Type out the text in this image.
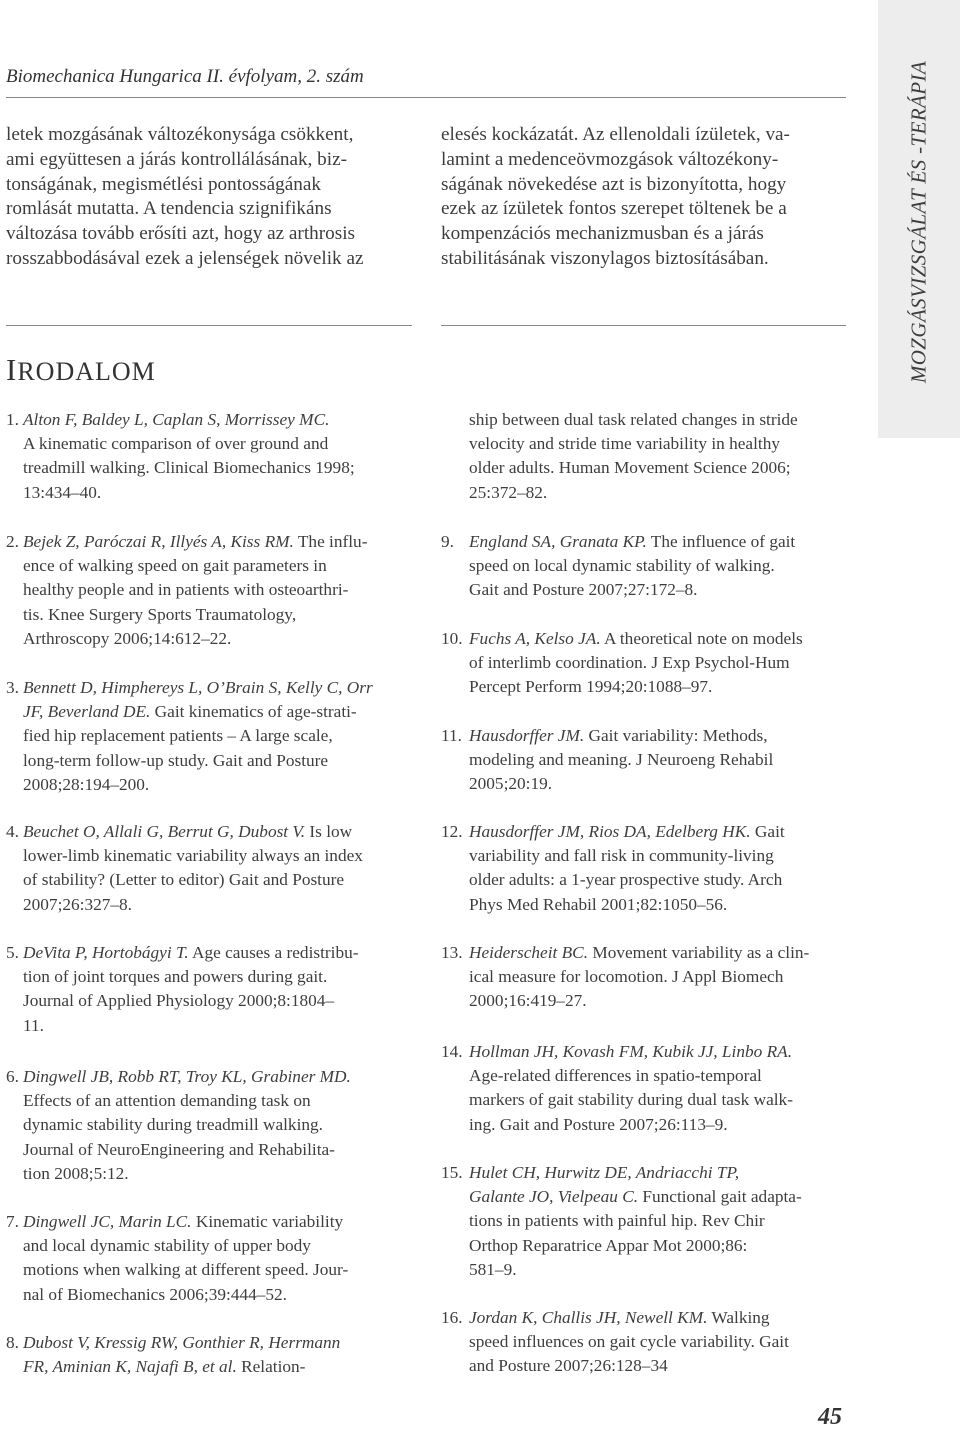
Biomechanica Hungarica II. évfolyam, 2. szám	MOZGÁSVIZSGÁLAT ÉS -TERÁPIA
letek mozgásának változékonysága csökkent,
ami együttesen a járás kontrollálásának, biz-
tonságának, megismétlési pontosságának
romlását mutatta. A tendencia szignifikáns
változása tovább erősíti azt, hogy az arthrosis
rosszabbodásával ezek a jelenségek növelik az
elesés kockázatát. Az ellenoldali ízületek, va-
lamint a medenceövmozgások változékony-
ságának növekedése azt is bizonyította, hogy
ezek az ízületek fontos szerepet töltenek be a
kompenzációs mechanizmusban és a járás
stabilitásának viszonylagos biztosításában.
IRODALOM
ship between dual task related changes in stride
velocity and stride time variability in healthy
older adults. Human Movement Science 2006;
25:372–82.
45
1. Alton F, Baldey L, Caplan S, Morrissey MC.
A kinematic comparison of over ground and
treadmill walking. Clinical Biomechanics 1998;
13:434–40.
2. Bejek Z, Paróczai R, Illyés A, Kiss RM. The influ-
ence of walking speed on gait parameters in
healthy people and in patients with osteoarthri-
tis. Knee Surgery Sports Traumatology,
Arthroscopy 2006;14:612–22.
3. Bennett D, Himphereys L, O’Brain S, Kelly C, Orr
JF, Beverland DE. Gait kinematics of age-strati-
fied hip replacement patients – A large scale,
long-term follow-up study. Gait and Posture
2008;28:194–200.
4. Beuchet O, Allali G, Berrut G, Dubost V. Is low
lower-limb kinematic variability always an index
of stability? (Letter to editor) Gait and Posture
2007;26:327–8.
5. DeVita P, Hortobágyi T. Age causes a redistribu-
tion of joint torques and powers during gait.
Journal of Applied Physiology 2000;8:1804–
11.
6. Dingwell JB, Robb RT, Troy KL, Grabiner MD.
Effects of an attention demanding task on
dynamic stability during treadmill walking.
Journal of NeuroEngineering and Rehabilita-
tion 2008;5:12.
7. Dingwell JC, Marin LC. Kinematic variability
and local dynamic stability of upper body
motions when walking at different speed. Jour-
nal of Biomechanics 2006;39:444–52.
8. Dubost V, Kressig RW, Gonthier R, Herrmann
FR, Aminian K, Najafi B, et al. Relation-
9. England SA, Granata KP. The influence of gait
speed on local dynamic stability of walking.
Gait and Posture 2007;27:172–8.
10. Fuchs A, Kelso JA. A theoretical note on models
of interlimb coordination. J Exp Psychol-Hum
Percept Perform 1994;20:1088–97.
11. Hausdorffer JM. Gait variability: Methods,
modeling and meaning. J Neuroeng Rehabil
2005;20:19.
12. Hausdorffer JM, Rios DA, Edelberg HK. Gait
variability and fall risk in community-living
older adults: a 1-year prospective study. Arch
Phys Med Rehabil 2001;82:1050–56.
13. Heiderscheit BC. Movement variability as a clin-
ical measure for locomotion. J Appl Biomech
2000;16:419–27.
14. Hollman JH, Kovash FM, Kubik JJ, Linbo RA.
Age-related differences in spatio-temporal
markers of gait stability during dual task walk-
ing. Gait and Posture 2007;26:113–9.
15. Hulet CH, Hurwitz DE, Andriacchi TP,
Galante JO, Vielpeau C. Functional gait adapta-
tions in patients with painful hip. Rev Chir
Orthop Reparatrice Appar Mot 2000;86:
581–9.
16. Jordan K, Challis JH, Newell KM. Walking
speed influences on gait cycle variability. Gait
and Posture 2007;26:128–34
